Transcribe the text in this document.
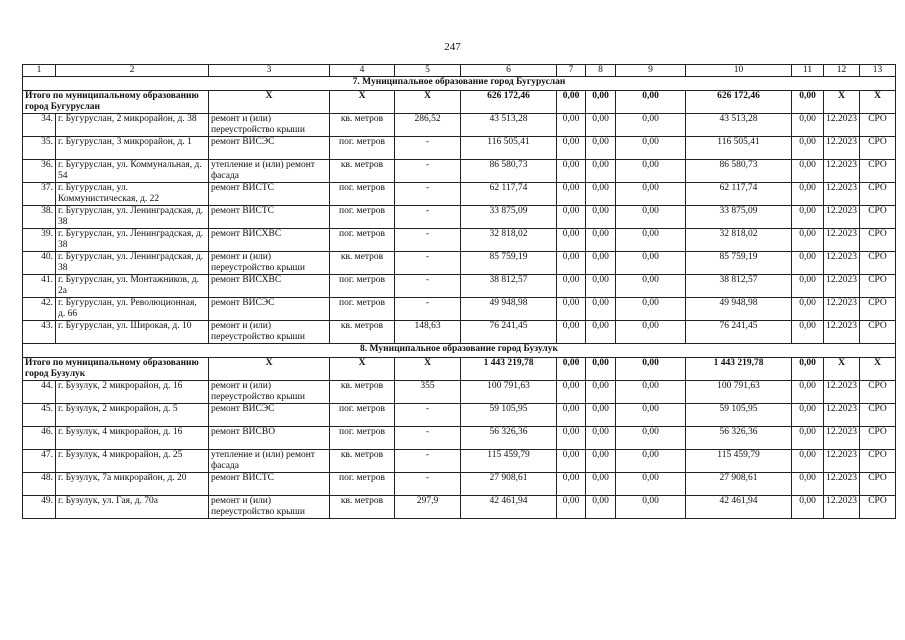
247
1	2	3	4	5	6	7	8	9	10	11	12	13
7. Муниципальное образование город Бугуруслан												
Итого по муниципальному образованию город Бугуруслан		X	X	X	626 172,46	0,00	0,00	0,00	626 172,46	0,00	X	X
34.	г. Бугуруслан, 2 микрорайон, д. 38	ремонт и (или) переустройство крыши	кв. метров	286,52	43 513,28	0,00	0,00	0,00	43 513,28	0,00	12.2023	СРО
35.	г. Бугуруслан, 3 микрорайон, д. 1	ремонт ВИСЭС	пог. метров	-	116 505,41	0,00	0,00	0,00	116 505,41	0,00	12.2023	СРО
36.	г. Бугуруслан, ул. Коммунальная, д. 54	утепление и (или) ремонт фасада	кв. метров	-	86 580,73	0,00	0,00	0,00	86 580,73	0,00	12.2023	СРО
37.	г. Бугуруслан, ул. Коммунистическая, д. 22	ремонт ВИСТС	пог. метров	-	62 117,74	0,00	0,00	0,00	62 117,74	0,00	12.2023	СРО
38.	г. Бугуруслан, ул. Ленинградская, д. 38	ремонт ВИСТС	пог. метров	-	33 875,09	0,00	0,00	0,00	33 875,09	0,00	12.2023	СРО
39.	г. Бугуруслан, ул. Ленинградская, д. 38	ремонт ВИСХВС	пог. метров	-	32 818,02	0,00	0,00	0,00	32 818,02	0,00	12.2023	СРО
40.	г. Бугуруслан, ул. Ленинградская, д. 38	ремонт и (или) переустройство крыши	кв. метров	-	85 759,19	0,00	0,00	0,00	85 759,19	0,00	12.2023	СРО
41.	г. Бугуруслан, ул. Монтажников, д. 2а	ремонт ВИСХВС	пог. метров	-	38 812,57	0,00	0,00	0,00	38 812,57	0,00	12.2023	СРО
42.	г. Бугуруслан, ул. Революционная, д. 66	ремонт ВИСЭС	пог. метров	-	49 948,98	0,00	0,00	0,00	49 948,98	0,00	12.2023	СРО
43.	г. Бугуруслан, ул. Широкая, д. 10	ремонт и (или) переустройство крыши	кв. метров	148,63	76 241,45	0,00	0,00	0,00	76 241,45	0,00	12.2023	СРО
8. Муниципальное образование город Бузулук												
Итого по муниципальному образованию город Бузулук		X	X	X	1 443 219,78	0,00	0,00	0,00	1 443 219,78	0,00	X	X
44.	г. Бузулук, 2 микрорайон, д. 16	ремонт и (или) переустройство крыши	кв. метров	355	100 791,63	0,00	0,00	0,00	100 791,63	0,00	12.2023	СРО
45.	г. Бузулук, 2 микрорайон, д. 5	ремонт ВИСЭС	пог. метров	-	59 105,95	0,00	0,00	0,00	59 105,95	0,00	12.2023	СРО
46.	г. Бузулук, 4 микрорайон, д. 16	ремонт ВИСВО	пог. метров	-	56 326,36	0,00	0,00	0,00	56 326,36	0,00	12.2023	СРО
47.	г. Бузулук, 4 микрорайон, д. 25	утепление и (или) ремонт фасада	кв. метров	-	115 459,79	0,00	0,00	0,00	115 459,79	0,00	12.2023	СРО
48.	г. Бузулук, 7а микрорайон, д. 20	ремонт ВИСТС	пог. метров	-	27 908,61	0,00	0,00	0,00	27 908,61	0,00	12.2023	СРО
49.	г. Бузулук, ул. Гая, д. 70а	ремонт и (или) переустройство крыши	кв. метров	297,9	42 461,94	0,00	0,00	0,00	42 461,94	0,00	12.2023	СРО
